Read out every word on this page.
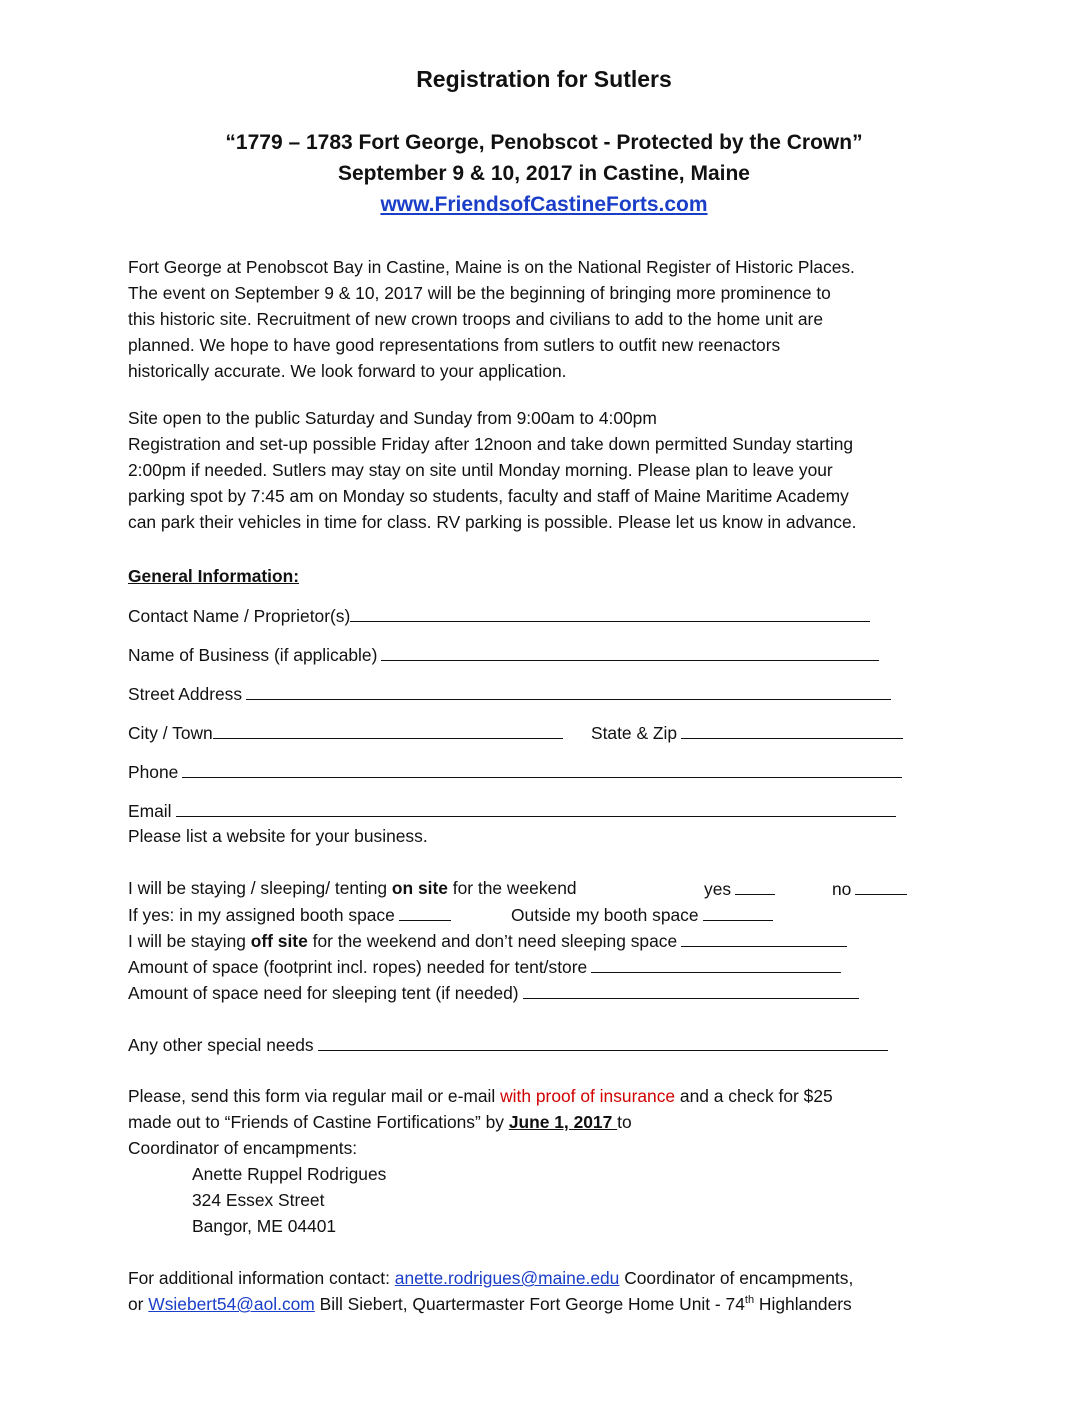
Registration for Sutlers
“1779 – 1783 Fort George, Penobscot - Protected by the Crown”
September 9 & 10, 2017 in Castine, Maine
www.FriendsofCastineForts.com
Fort George at Penobscot Bay in Castine, Maine is on the National Register of Historic Places.
The event on September 9 & 10, 2017 will be the beginning of bringing more prominence to
this historic site. Recruitment of new crown troops and civilians to add to the home unit are
planned. We hope to have good representations from sutlers to outfit new reenactors
historically accurate. We look forward to your application.
Site open to the public Saturday and Sunday from 9:00am to 4:00pm
Registration and set-up possible Friday after 12noon and take down permitted Sunday starting
2:00pm if needed. Sutlers may stay on site until Monday morning. Please plan to leave your
parking spot by 7:45 am on Monday so students, faculty and staff of Maine Maritime Academy
can park their vehicles in time for class. RV parking is possible. Please let us know in advance.
General Information:
Contact Name / Proprietor(s)
Name of Business (if applicable)
Street Address
City / Town	State & Zip
Phone
Email
Please list a website for your business.
I will be staying / sleeping/ tenting on site for the weekend	yes	no
If yes: in my assigned booth space	Outside my booth space
I will be staying off site for the weekend and don’t need sleeping space
Amount of space (footprint incl. ropes) needed for tent/store
Amount of space need for sleeping tent (if needed)
Any other special needs
Please, send this form via regular mail or e-mail with proof of insurance and a check for $25
made out to “Friends of Castine Fortifications” by June 1, 2017 to
Coordinator of encampments:
Anette Ruppel Rodrigues
324 Essex Street
Bangor, ME 04401
For additional information contact: anette.rodrigues@maine.edu Coordinator of encampments,
or Wsiebert54@aol.com Bill Siebert, Quartermaster Fort George Home Unit - 74th Highlanders
